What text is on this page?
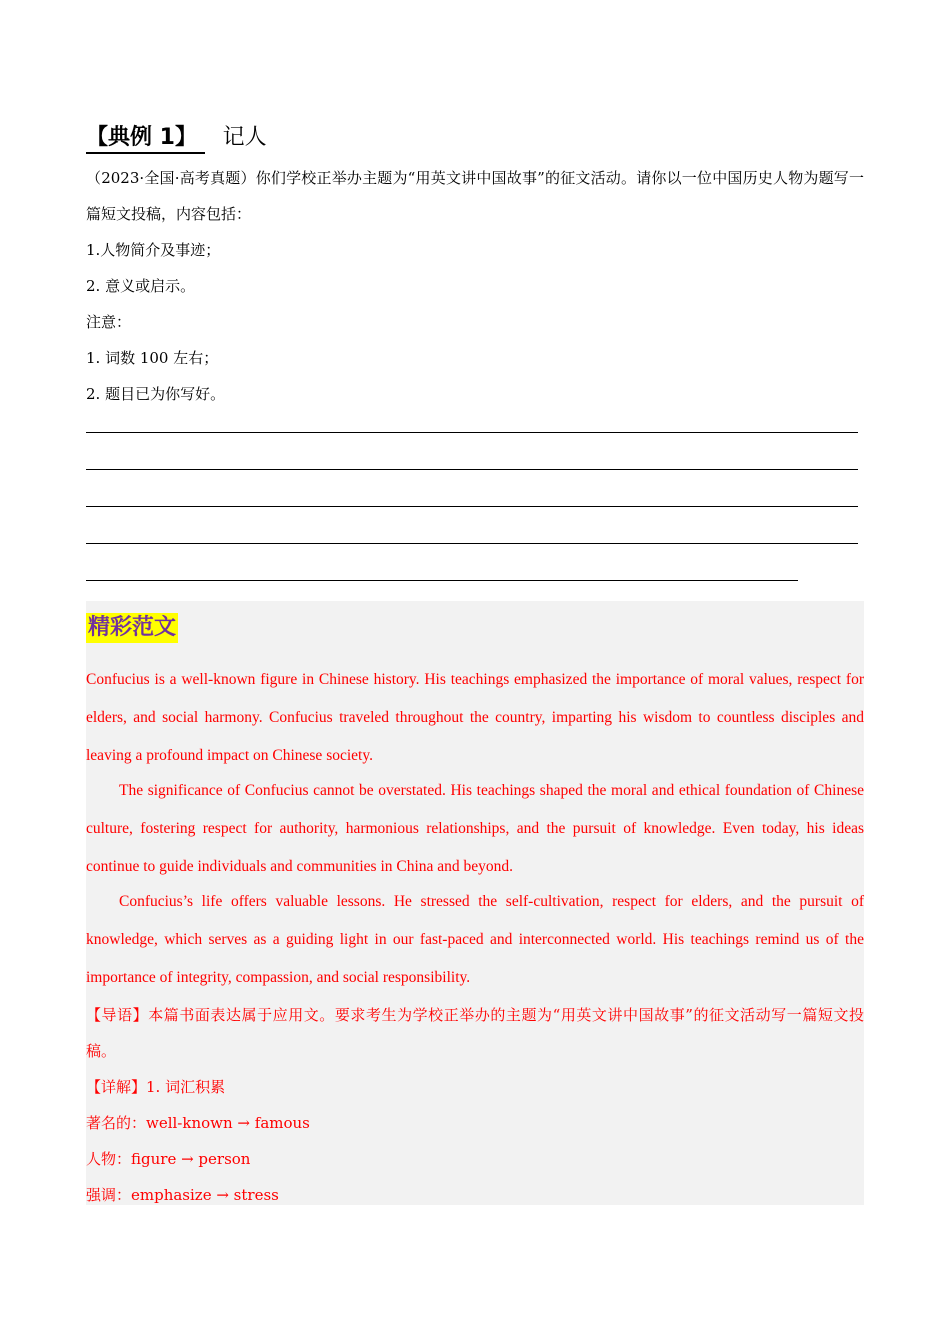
【典例 1】 记人

（2023·全国·高考真题）你们学校正举办主题为“用英文讲中国故事”的征文活动。请你以一位中国历史人物为题写一篇短文投稿，内容包括：

1.人物简介及事迹；

2. 意义或启示。

注意：

1. 词数 100 左右；

2. 题目已为你写好。

精彩范文

Confucius is a well-known figure in Chinese history. His teachings emphasized the importance of moral values, respect for elders, and social harmony. Confucius traveled throughout the country, imparting his wisdom to countless disciples and leaving a profound impact on Chinese society.

The significance of Confucius cannot be overstated. His teachings shaped the moral and ethical foundation of Chinese culture, fostering respect for authority, harmonious relationships, and the pursuit of knowledge. Even today, his ideas continue to guide individuals and communities in China and beyond.

Confucius’s life offers valuable lessons. He stressed the self-cultivation, respect for elders, and the pursuit of knowledge, which serves as a guiding light in our fast-paced and interconnected world. His teachings remind us of the importance of integrity, compassion, and social responsibility.

【导语】本篇书面表达属于应用文。要求考生为学校正举办的主题为“用英文讲中国故事”的征文活动写一篇短文投稿。

【详解】1. 词汇积累

著名的：well-known → famous

人物：figure → person

强调：emphasize → stress
